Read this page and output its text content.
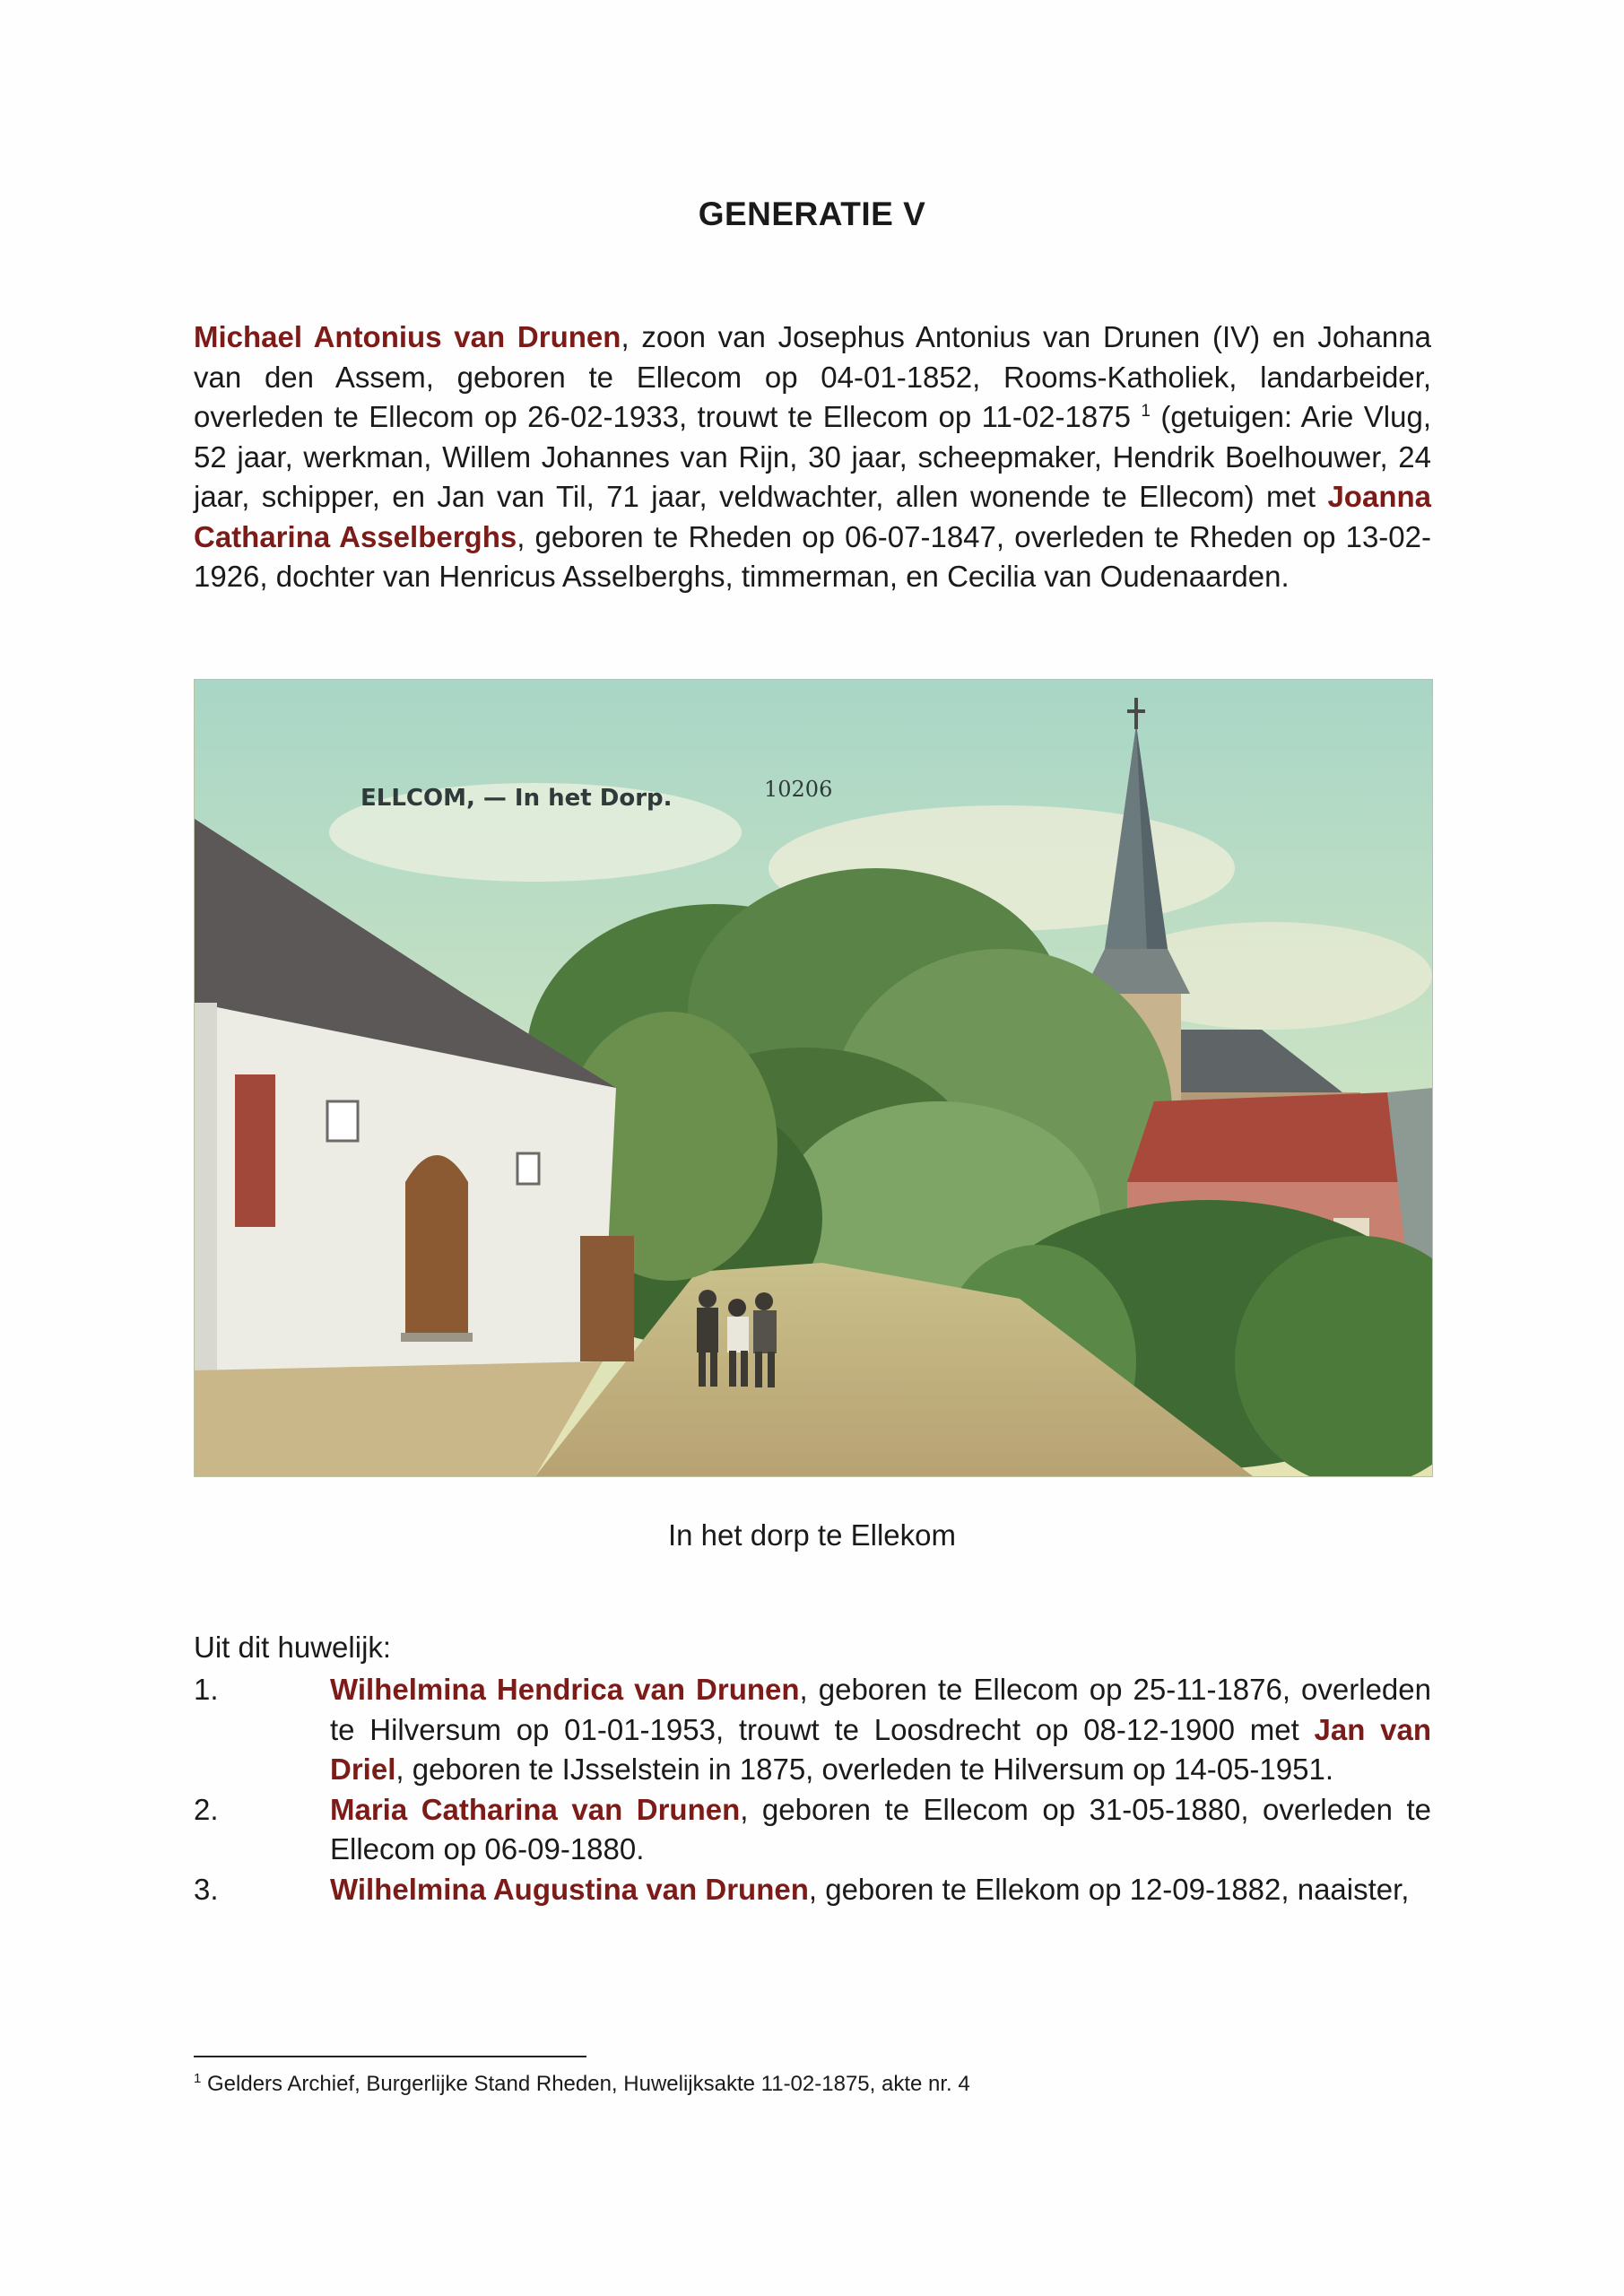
GENERATIE V

Michael Antonius van Drunen, zoon van Josephus Antonius van Drunen (IV) en Johanna van den Assem, geboren te Ellecom op 04-01-1852, Rooms-Katholiek, landarbeider, overleden te Ellecom op 26-02-1933, trouwt te Ellecom op 11-02-1875 $^1$ (getuigen: Arie Vlug, 52 jaar, werkman, Willem Johannes van Rijn, 30 jaar, scheepmaker, Hendrik Boelhouwer, 24 jaar, schipper, en Jan van Til, 71 jaar, veldwachter, allen wonende te Ellecom) met Joanna Catharina Asselberghs, geboren te Rheden op 06-07-1847, overleden te Rheden op 13-02-1926, dochter van Henricus Asselberghs, timmerman, en Cecilia van Oudenaarden.

ELLCOM, — In het Dorp.	10206
In het dorp te Ellekom
Uit dit huwelijk:
1.	Wilhelmina Hendrica van Drunen, geboren te Ellecom op 25-11-1876, overleden te Hilversum op 01-01-1953, trouwt te Loosdrecht op 08-12-1900 met Jan van Driel, geboren te IJsselstein in 1875, overleden te Hilversum op 14-05-1951.
2.	Maria Catharina van Drunen, geboren te Ellecom op 31-05-1880, overleden te Ellecom op 06-09-1880.
3.	Wilhelmina Augustina van Drunen, geboren te Ellekom op 12-09-1882, naaister,
$^1$ Gelders Archief, Burgerlijke Stand Rheden, Huwelijksakte 11-02-1875, akte nr. 4
